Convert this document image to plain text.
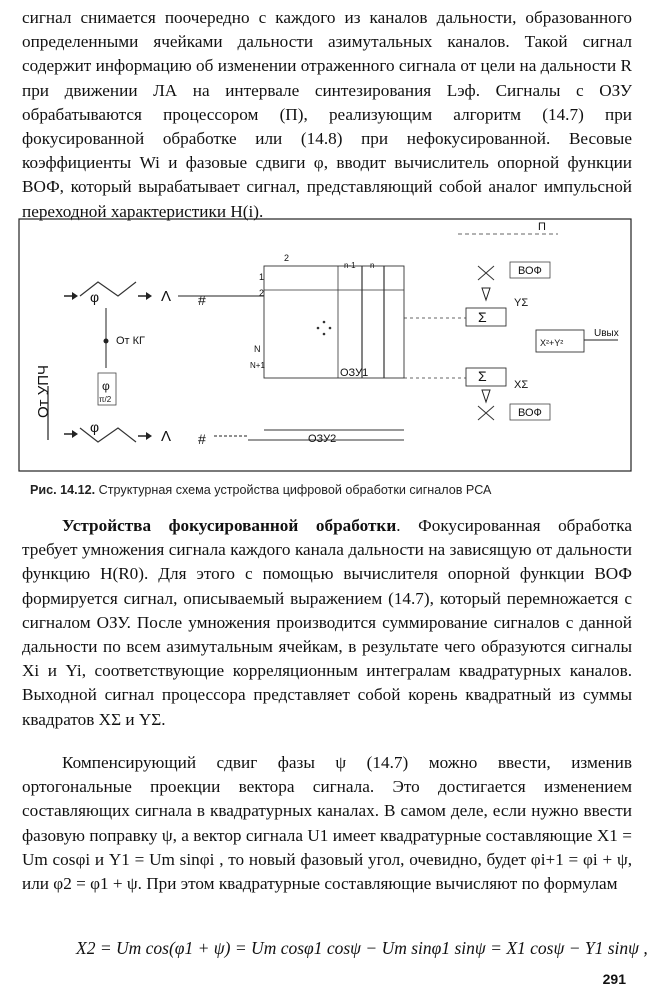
сигнал снимается поочередно с каждого из каналов дальности, образованного определенными ячейками дальности азимутальных каналов. Такой сигнал содержит информацию об изменении отраженного сигнала от цели на дальности R при движении ЛА на интервале синтезирования Lэф. Сигналы с ОЗУ обрабатываются процессором (П), реализующим алгоритм (14.7) при фокусированной обработке или (14.8) при нефокусированной. Весовые коэффициенты Wi и фазовые сдвиги φ, вводит вычислитель опорной функции ВОФ, который вырабатывает сигнал, представляющий собой аналог импульсной переходной характеристики H(i).

От УПЧ
φ	Λ #
От КГ
φ
π/2
φ
Λ #
1
2
2
n-1 n
N
N+1
ОЗУ1
ОЗУ2
П
ВОФ
Σ
YΣ
X²+Y²
Uвых
Σ
XΣ
ВОФ
Рис. 14.12. Структурная схема устройства цифровой обработки сигналов РСА

Устройства фокусированной обработки. Фокусированная обработка требует умножения сигнала каждого канала дальности на зависящую от дальности функцию H(R0). Для этого с помощью вычислителя опорной функции ВОФ формируется сигнал, описываемый выражением (14.7), который перемножается с сигналом ОЗУ. После умножения производится суммирование сигналов с данной дальности по всем азимутальным ячейкам, в результате чего образуются сигналы Xi и Yi, соответствующие корреляционным интегралам квадратурных каналов. Выходной сигнал процессора представляет собой корень квадратный из суммы квадратов XΣ и YΣ.

Компенсирующий сдвиг фазы ψ (14.7) можно ввести, изменив ортогональные проекции вектора сигнала. Это достигается изменением составляющих сигнала в квадратурных каналах. В самом деле, если нужно ввести фазовую поправку ψ, а вектор сигнала U1 имеет квадратурные составляющие X1 = Um cosφi и Y1 = Um sinφi , то новый фазовый угол, очевидно, будет φi+1 = φi + ψ, или φ2 = φ1 + ψ. При этом квадратурные составляющие вычисляют по формулам

X2 = Um cos(φ1 + ψ) = Um cosφ1 cosψ − Um sinφ1 sinψ = X1 cosψ − Y1 sinψ ,
291
